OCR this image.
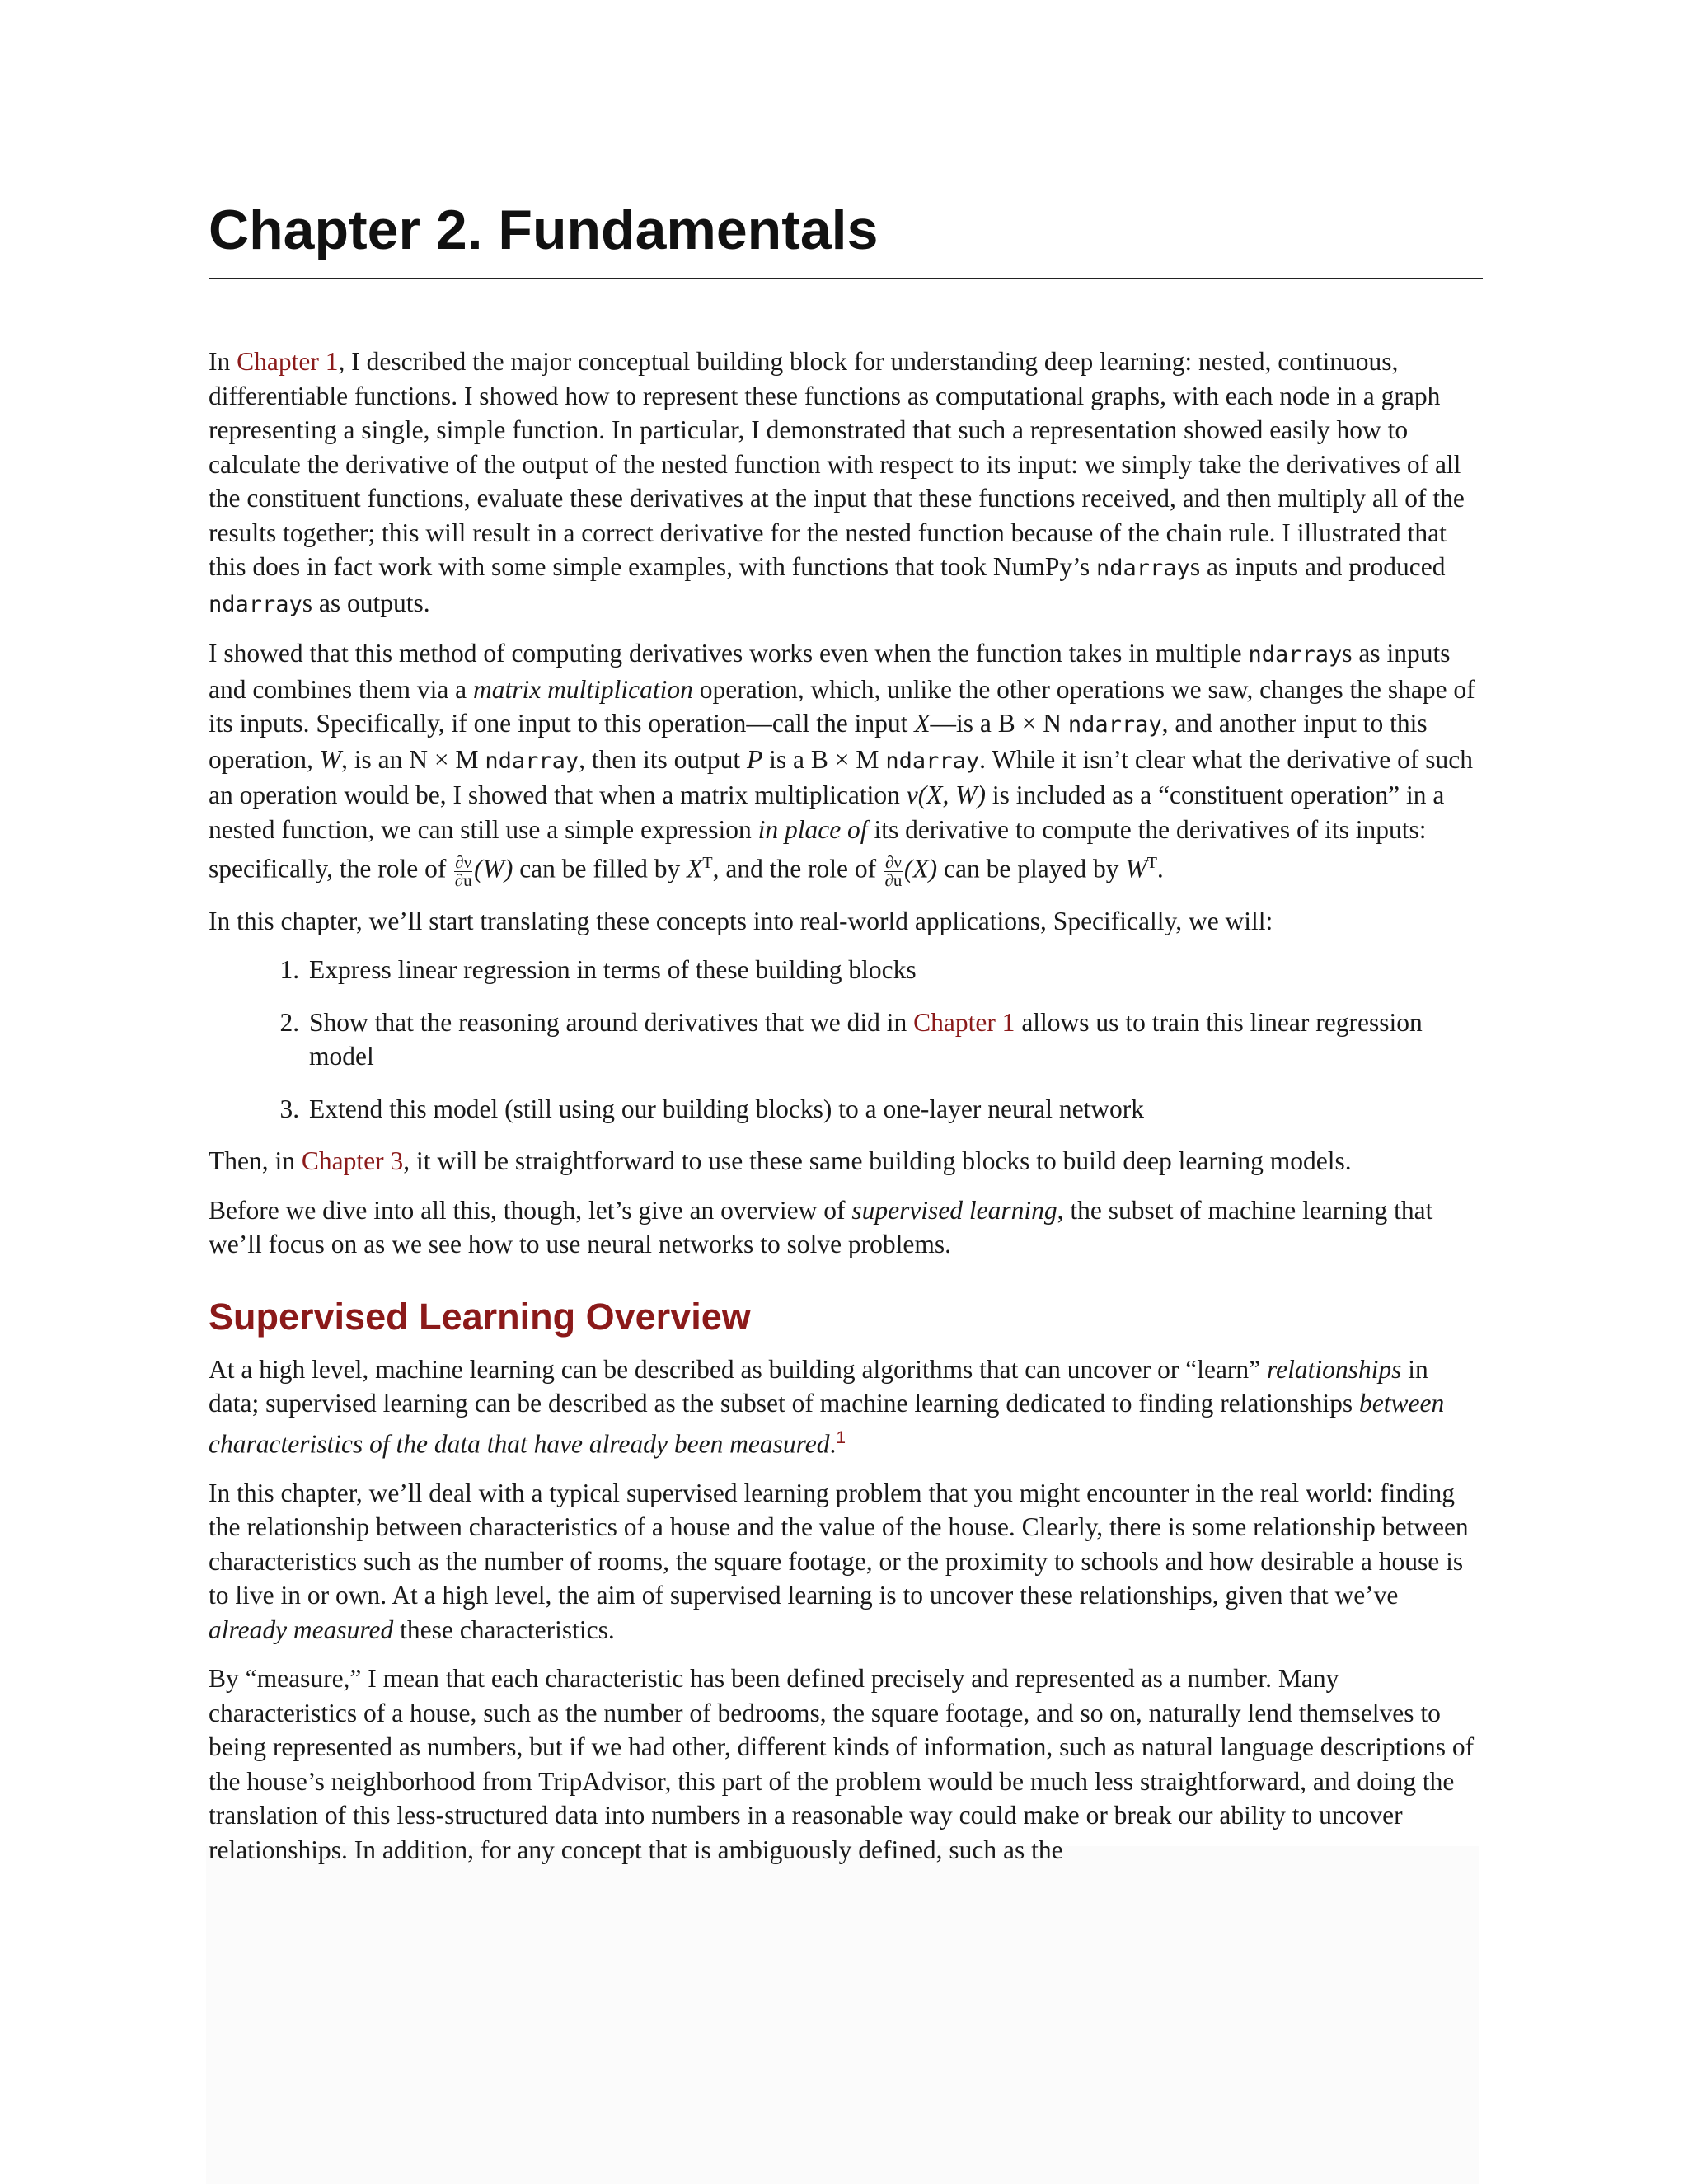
Chapter 2. Fundamentals

In Chapter 1, I described the major conceptual building block for understanding deep learning: nested, continuous, differentiable functions. I showed how to represent these functions as computational graphs, with each node in a graph representing a single, simple function. In particular, I demonstrated that such a representation showed easily how to calculate the derivative of the output of the nested function with respect to its input: we simply take the derivatives of all the constituent functions, evaluate these derivatives at the input that these functions received, and then multiply all of the results together; this will result in a correct derivative for the nested function because of the chain rule. I illustrated that this does in fact work with some simple examples, with functions that took NumPy’s ndarrays as inputs and produced ndarrays as outputs.

I showed that this method of computing derivatives works even when the function takes in multiple ndarrays as inputs and combines them via a matrix multiplication operation, which, unlike the other operations we saw, changes the shape of its inputs. Specifically, if one input to this operation—call the input X—is a B × N ndarray, and another input to this operation, W, is an N × M ndarray, then its output P is a B × M ndarray. While it isn’t clear what the derivative of such an operation would be, I showed that when a matrix multiplication ν(X, W) is included as a “constituent operation” in a nested function, we can still use a simple expression in place of its derivative to compute the derivatives of its inputs: specifically, the role of $\frac{\partial\nu}{\partial u} (W)$ can be filled by $X^T$, and the role of $\frac{\partial\nu}{\partial u} (X)$ can be played by $W^T$.

In this chapter, we’ll start translating these concepts into real-world applications, Specifically, we will:

1. Express linear regression in terms of these building blocks
2. Show that the reasoning around derivatives that we did in Chapter 1 allows us to train this linear regression model
3. Extend this model (still using our building blocks) to a one-layer neural network

Then, in Chapter 3, it will be straightforward to use these same building blocks to build deep learning models.

Before we dive into all this, though, let’s give an overview of supervised learning, the subset of machine learning that we’ll focus on as we see how to use neural networks to solve problems.

Supervised Learning Overview

At a high level, machine learning can be described as building algorithms that can uncover or “learn” relationships in data; supervised learning can be described as the subset of machine learning dedicated to finding relationships between characteristics of the data that have already been measured.$^1$

In this chapter, we’ll deal with a typical supervised learning problem that you might encounter in the real world: finding the relationship between characteristics of a house and the value of the house. Clearly, there is some relationship between characteristics such as the number of rooms, the square footage, or the proximity to schools and how desirable a house is to live in or own. At a high level, the aim of supervised learning is to uncover these relationships, given that we’ve already measured these characteristics.

By “measure,” I mean that each characteristic has been defined precisely and represented as a number. Many characteristics of a house, such as the number of bedrooms, the square footage, and so on, naturally lend themselves to being represented as numbers, but if we had other, different kinds of information, such as natural language descriptions of the house’s neighborhood from TripAdvisor, this part of the problem would be much less straightforward, and doing the translation of this less-structured data into numbers in a reasonable way could make or break our ability to uncover relationships. In addition, for any concept that is ambiguously defined, such as the
